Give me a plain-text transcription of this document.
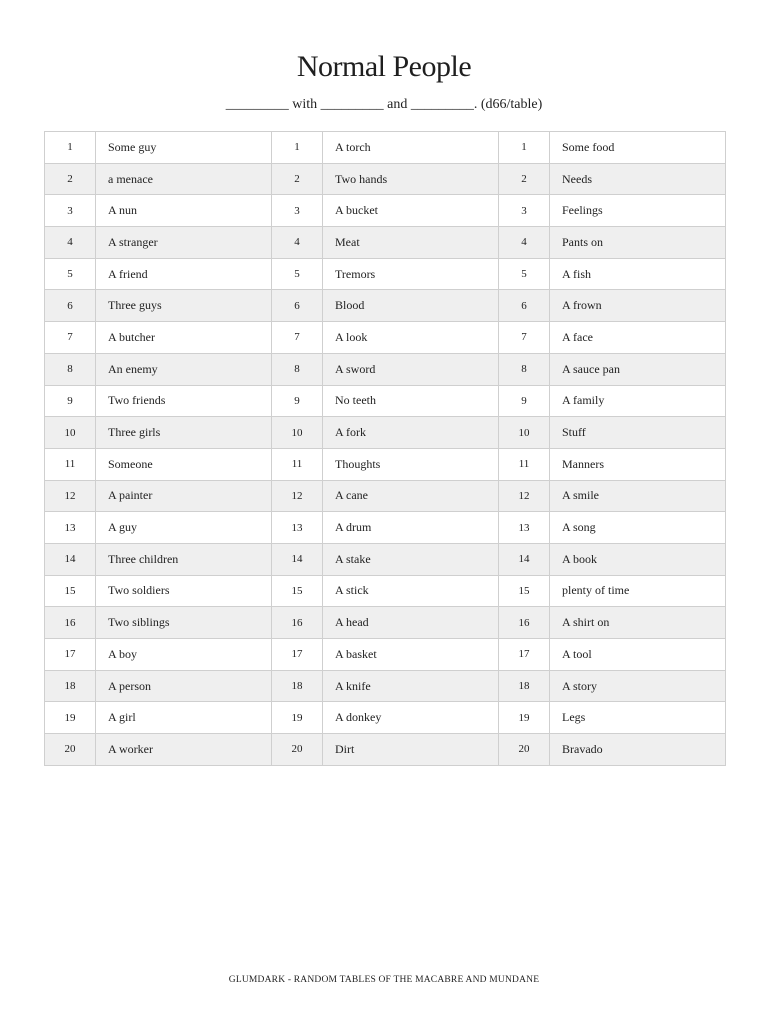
Normal People
_________ with _________ and _________. (d66/table)
1	Some guy	1	A torch	1	Some food
2	a menace	2	Two hands	2	Needs
3	A nun	3	A bucket	3	Feelings
4	A stranger	4	Meat	4	Pants on
5	A friend	5	Tremors	5	A fish
6	Three guys	6	Blood	6	A frown
7	A butcher	7	A look	7	A face
8	An enemy	8	A sword	8	A sauce pan
9	Two friends	9	No teeth	9	A family
10	Three girls	10	A fork	10	Stuff
11	Someone	11	Thoughts	11	Manners
12	A painter	12	A cane	12	A smile
13	A guy	13	A drum	13	A song
14	Three children	14	A stake	14	A book
15	Two soldiers	15	A stick	15	plenty of time
16	Two siblings	16	A head	16	A shirt on
17	A boy	17	A basket	17	A tool
18	A person	18	A knife	18	A story
19	A girl	19	A donkey	19	Legs
20	A worker	20	Dirt	20	Bravado
GLUMDARK - RANDOM TABLES OF THE MACABRE AND MUNDANE
